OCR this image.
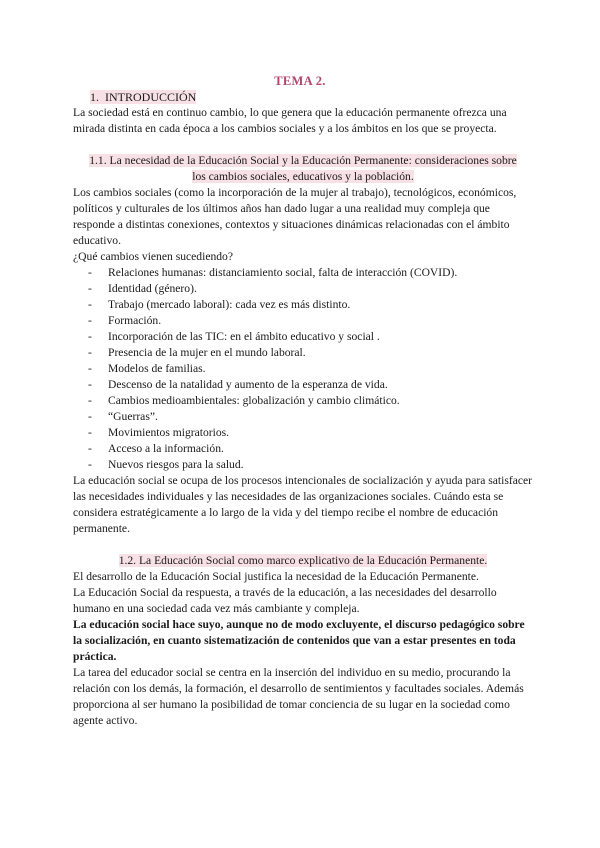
TEMA 2.
1. INTRODUCCIÓN

La sociedad está en continuo cambio, lo que genera que la educación permanente ofrezca una mirada distinta en cada época a los cambios sociales y a los ámbitos en los que se proyecta.

1.1. La necesidad de la Educación Social y la Educación Permanente: consideraciones sobre
los cambios sociales, educativos y la población.

Los cambios sociales (como la incorporación de la mujer al trabajo), tecnológicos, económicos, políticos y culturales de los últimos años han dado lugar a una realidad muy compleja que responde a distintas conexiones, contextos y situaciones dinámicas relacionadas con el ámbito educativo.

¿Qué cambios vienen sucediendo?

- Relaciones humanas: distanciamiento social, falta de interacción (COVID).
- Identidad (género).
- Trabajo (mercado laboral): cada vez es más distinto.
- Formación.
- Incorporación de las TIC: en el ámbito educativo y social .
- Presencia de la mujer en el mundo laboral.
- Modelos de familias.
- Descenso de la natalidad y aumento de la esperanza de vida.
- Cambios medioambientales: globalización y cambio climático.
- “Guerras”.
- Movimientos migratorios.
- Acceso a la información.
- Nuevos riesgos para la salud.

La educación social se ocupa de los procesos intencionales de socialización y ayuda para satisfacer las necesidades individuales y las necesidades de las organizaciones sociales. Cuándo esta se considera estratégicamente a lo largo de la vida y del tiempo recibe el nombre de educación permanente.

1.2. La Educación Social como marco explicativo de la Educación Permanente.

El desarrollo de la Educación Social justifica la necesidad de la Educación Permanente.

La Educación Social da respuesta, a través de la educación, a las necesidades del desarrollo humano en una sociedad cada vez más cambiante y compleja.

La educación social hace suyo, aunque no de modo excluyente, el discurso pedagógico sobre la socialización, en cuanto sistematización de contenidos que van a estar presentes en toda práctica.

La tarea del educador social se centra en la inserción del individuo en su medio, procurando la relación con los demás, la formación, el desarrollo de sentimientos y facultades sociales. Además proporciona al ser humano la posibilidad de tomar conciencia de su lugar en la sociedad como agente activo.
